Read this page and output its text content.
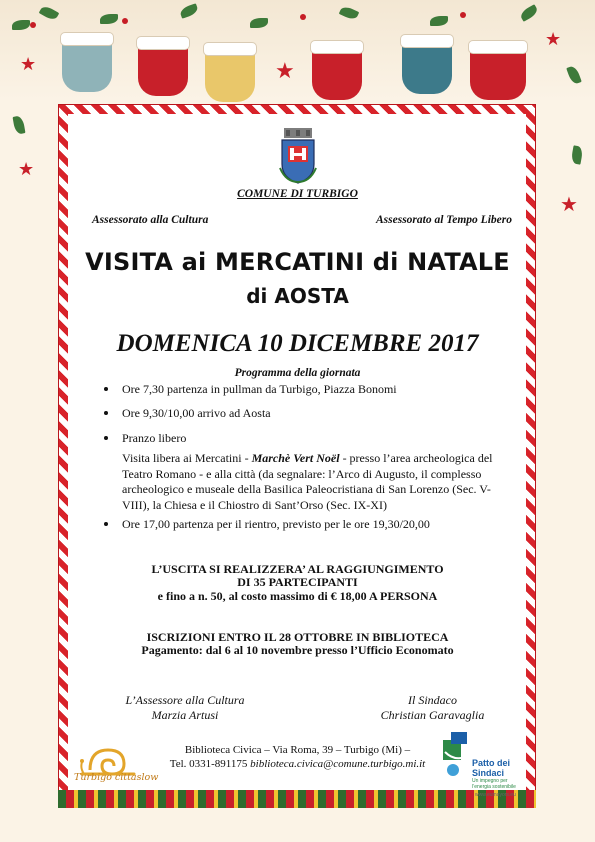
★
★
★
★
★
COMUNE DI TURBIGO
Assessorato alla Cultura	Assessorato al Tempo Libero
VISITA ai MERCATINI di NATALE
di AOSTA
DOMENICA 10 DICEMBRE 2017
Programma della giornata
Ore 7,30 partenza in pullman da Turbigo, Piazza Bonomi
Ore 9,30/10,00 arrivo ad Aosta
Pranzo libero
Visita libera ai Mercatini - Marchè Vert Noël - presso l’area archeologica del Teatro Romano - e alla città (da segnalare: l’Arco di Augusto, il complesso archeologico e museale della Basilica Paleocristiana di San Lorenzo (Sec. V-VIII), la Chiesa e il Chiostro di Sant’Orso (Sec. IX-XI)
Ore 17,00 partenza per il rientro, previsto per le ore 19,30/20,00
L’USCITA SI REALIZZERA’ AL RAGGIUNGIMENTO
DI 35 PARTECIPANTI
e fino a n. 50, al costo massimo di € 18,00 A PERSONA
ISCRIZIONI ENTRO IL 28 OTTOBRE IN BIBLIOTECA
Pagamento: dal 6 al 10 novembre presso l’Ufficio Economato
L’Assessore alla Cultura
Marzia Artusi
Il Sindaco
Christian Garavaglia
Turbigo cittaslow
Biblioteca Civica – Via Roma, 39 – Turbigo (Mi) –
Tel. 0331-891175 biblioteca.civica@comune.turbigo.mi.it	Patto dei
Sindaci
Un impegno per l’energia sostenibile
www.eumayors.eu
